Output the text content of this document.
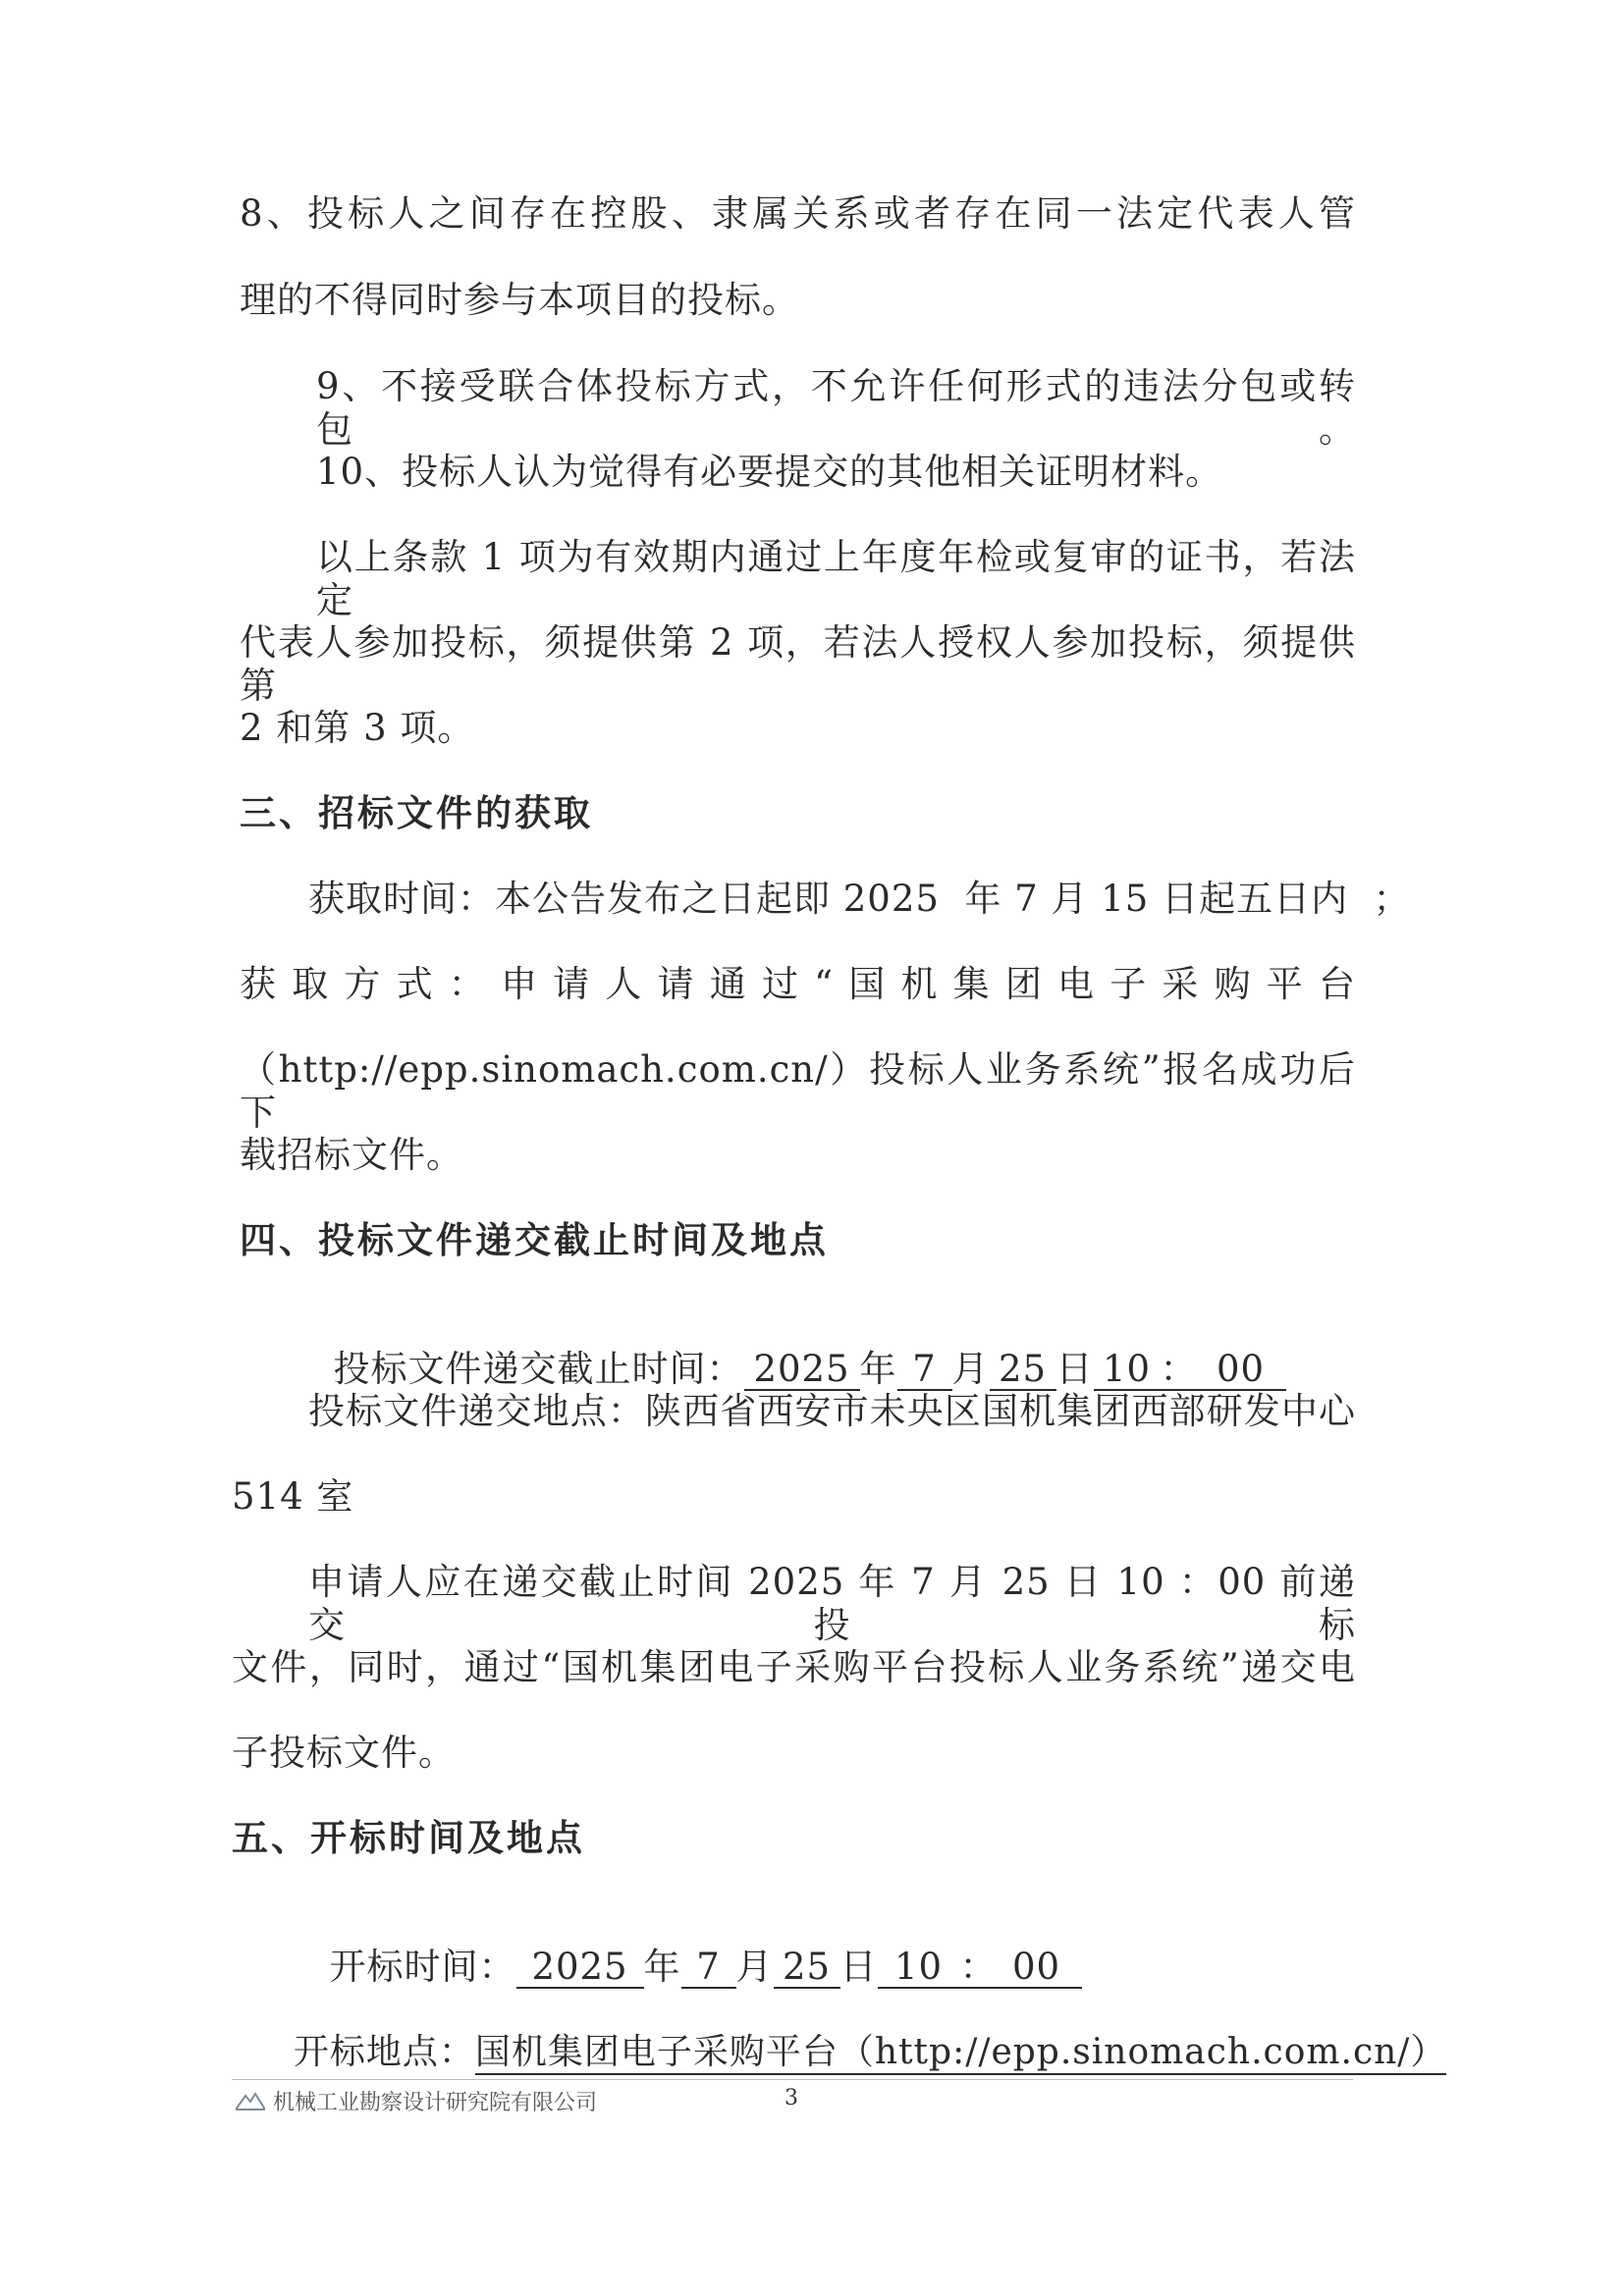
8、投标人之间存在控股、隶属关系或者存在同一法定代表人管
理的不得同时参与本项目的投标。
9、不接受联合体投标方式，不允许任何形式的违法分包或转包。
10、投标人认为觉得有必要提交的其他相关证明材料。
以上条款 1 项为有效期内通过上年度年检或复审的证书，若法定
代表人参加投标，须提供第 2 项，若法人授权人参加投标，须提供第
2 和第 3 项。
三、招标文件的获取
获取时间：本公告发布之日起即 2025  年 7 月 15 日起五日内  ；
获取方式：申请人请通过“国机集团电子采购平台
（http://epp.sinomach.com.cn/）投标人业务系统”报名成功后下
载招标文件。
四、投标文件递交截止时间及地点

投标文件递交截止时间： 2025 年 7 月 25 日 10 ： 00

投标文件递交地点：陕西省西安市未央区国机集团西部研发中心
514 室
申请人应在递交截止时间 2025 年 7 月 25 日 10 ：00 前递交投标
文件，同时，通过“国机集团电子采购平台投标人业务系统”递交电
子投标文件。
五、开标时间及地点

开标时间： 2025 年 7 月 25 日 10 ： 00

开标地点：国机集团电子采购平台（http://epp.sinomach.com.cn/）

机械工业勘察设计研究院有限公司	3
